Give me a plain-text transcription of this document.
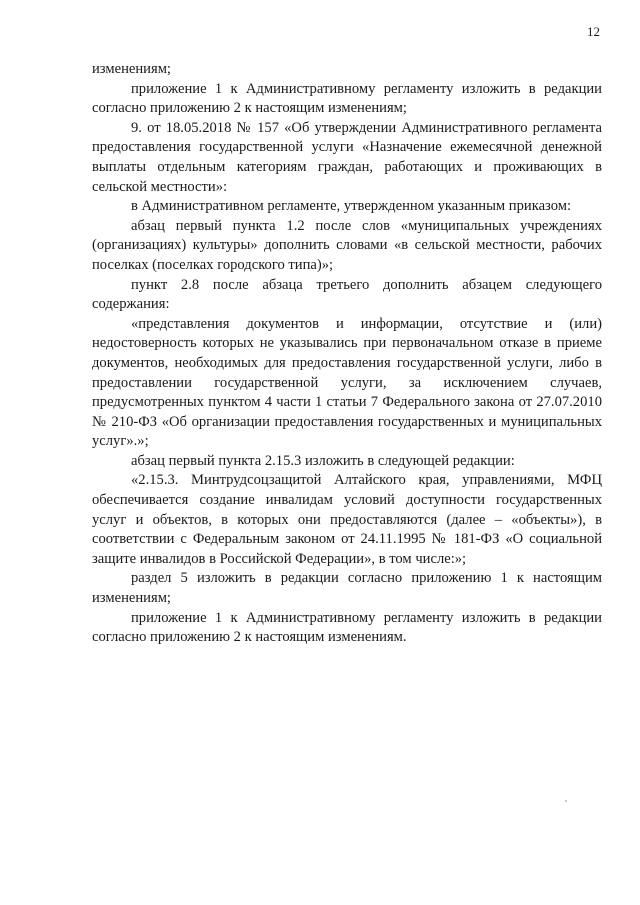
12

изменениям;

приложение 1 к Административному регламенту изложить в редакции согласно приложению 2 к настоящим изменениям;

9. от 18.05.2018 № 157 «Об утверждении Административного регламента предоставления государственной услуги «Назначение ежемесячной денежной выплаты отдельным категориям граждан, работающих и проживающих в сельской местности»:

в Административном регламенте, утвержденном указанным приказом:

абзац первый пункта 1.2 после слов «муниципальных учреждениях (организациях) культуры» дополнить словами «в сельской местности, рабочих поселках (поселках городского типа)»;

пункт 2.8 после абзаца третьего дополнить абзацем следующего содержания:

«представления документов и информации, отсутствие и (или) недостоверность которых не указывались при первоначальном отказе в приеме документов, необходимых для предоставления государственной услуги, либо в предоставлении государственной услуги, за исключением случаев, предусмотренных пунктом 4 части 1 статьи 7 Федерального закона от 27.07.2010 № 210-ФЗ «Об организации предоставления государственных и муниципальных услуг».»;

абзац первый пункта 2.15.3 изложить в следующей редакции:

«2.15.3. Минтрудсоцзащитой Алтайского края, управлениями, МФЦ обеспечивается создание инвалидам условий доступности государственных услуг и объектов, в которых они предоставляются (далее – «объекты»), в соответствии с Федеральным законом от 24.11.1995 № 181-ФЗ «О социальной защите инвалидов в Российской Федерации», в том числе:»;

раздел 5 изложить в редакции согласно приложению 1 к настоящим изменениям;

приложение 1 к Административному регламенту изложить в редакции согласно приложению 2 к настоящим изменениям.
